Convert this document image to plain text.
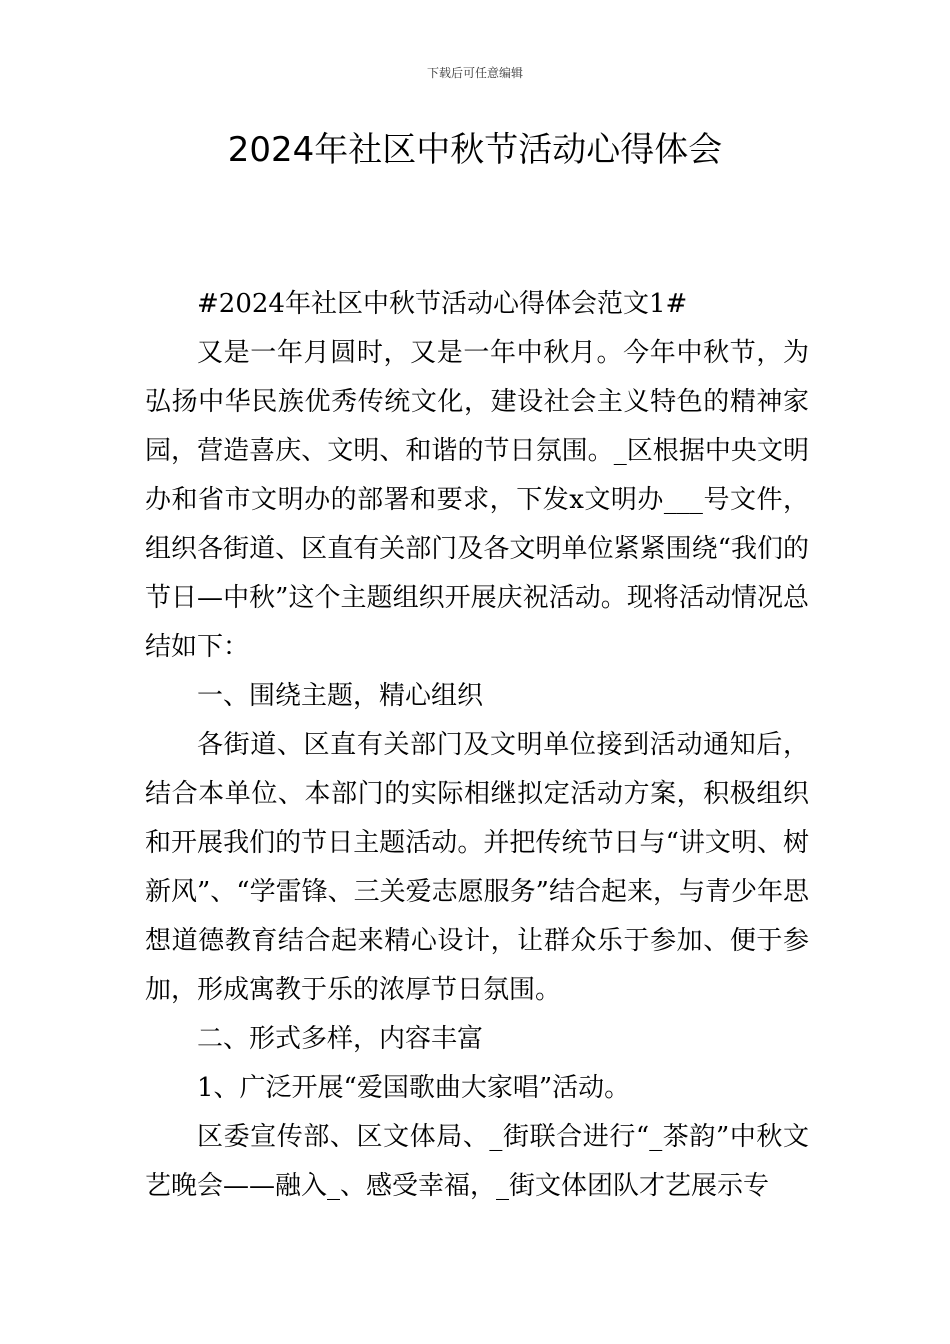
下载后可任意编辑
2024年社区中秋节活动心得体会

#2024年社区中秋节活动心得体会范文1#

又是一年月圆时，又是一年中秋月。今年中秋节，为弘扬中华民族优秀传统文化，建设社会主义特色的精神家园，营造喜庆、文明、和谐的节日氛围。_区根据中央文明办和省市文明办的部署和要求，下发x文明办___号文件，组织各街道、区直有关部门及各文明单位紧紧围绕“我们的节日—中秋”这个主题组织开展庆祝活动。现将活动情况总结如下：

一、围绕主题，精心组织

各街道、区直有关部门及文明单位接到活动通知后，结合本单位、本部门的实际相继拟定活动方案，积极组织和开展我们的节日主题活动。并把传统节日与“讲文明、树新风”、“学雷锋、三关爱志愿服务”结合起来，与青少年思想道德教育结合起来精心设计，让群众乐于参加、便于参加，形成寓教于乐的浓厚节日氛围。

二、形式多样，内容丰富

1、广泛开展“爱国歌曲大家唱”活动。

区委宣传部、区文体局、_街联合进行“_茶韵”中秋文艺晚会——融入_、感受幸福，_街文体团队才艺展示专
